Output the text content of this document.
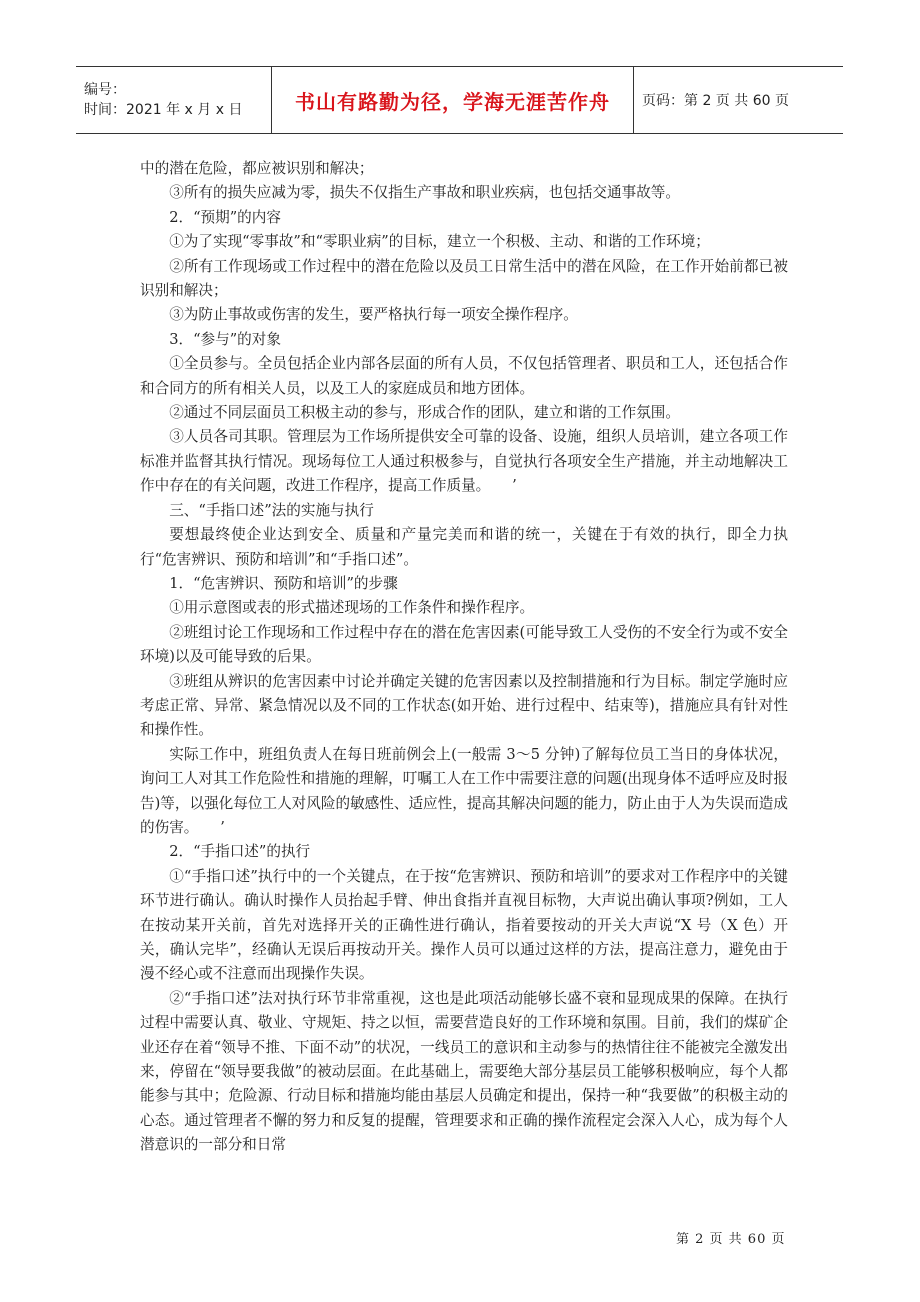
编号：
时间：2021 年 x 月 x 日	书山有路勤为径，学海无涯苦作舟 页码：第 2 页 共 60 页

中的潜在危险，都应被识别和解决；

③所有的损失应减为零，损失不仅指生产事故和职业疾病，也包括交通事故等。

2．“预期”的内容

①为了实现“零事故”和“零职业病”的目标，建立一个积极、主动、和谐的工作环境；

②所有工作现场或工作过程中的潜在危险以及员工日常生活中的潜在风险，在工作开始前都已被识别和解决；

③为防止事故或伤害的发生，要严格执行每一项安全操作程序。

3．“参与”的对象

①全员参与。全员包括企业内部各层面的所有人员，不仅包括管理者、职员和工人，还包括合作和合同方的所有相关人员，以及工人的家庭成员和地方团体。

②通过不同层面员工积极主动的参与，形成合作的团队，建立和谐的工作氛围。

③人员各司其职。管理层为工作场所提供安全可靠的设备、设施，组织人员培训，建立各项工作标准并监督其执行情况。现场每位工人通过积极参与，自觉执行各项安全生产措施，并主动地解决工作中存在的有关问题，改进工作程序，提高工作质量。　　’

三、“手指口述”法的实施与执行

要想最终使企业达到安全、质量和产量完美而和谐的统一，关键在于有效的执行，即全力执行“危害辨识、预防和培训”和“手指口述”。

1．“危害辨识、预防和培训”的步骤

①用示意图或表的形式描述现场的工作条件和操作程序。

②班组讨论工作现场和工作过程中存在的潜在危害因素(可能导致工人受伤的不安全行为或不安全环境)以及可能导致的后果。

③班组从辨识的危害因素中讨论并确定关键的危害因素以及控制措施和行为目标。制定学施时应考虑正常、异常、紧急情况以及不同的工作状态(如开始、进行过程中、结束等)，措施应具有针对性和操作性。

实际工作中，班组负责人在每日班前例会上(一般需 3～5 分钟)了解每位员工当日的身体状况，询问工人对其工作危险性和措施的理解，叮嘱工人在工作中需要注意的问题(出现身体不适呼应及时报告)等，以强化每位工人对风险的敏感性、适应性，提高其解决问题的能力，防止由于人为失误而造成的伤害。　　’

2．“手指口述”的执行

①“手指口述”执行中的一个关键点，在于按“危害辨识、预防和培训”的要求对工作程序中的关键环节进行确认。确认时操作人员抬起手臂、伸出食指并直视目标物，大声说出确认事项?例如，工人在按动某开关前，首先对选择开关的正确性进行确认，指着要按动的开关大声说“X 号（X 色）开关，确认完毕”，经确认无误后再按动开关。操作人员可以通过这样的方法，提高注意力，避免由于漫不经心或不注意而出现操作失误。

②“手指口述”法对执行环节非常重视，这也是此项活动能够长盛不衰和显现成果的保障。在执行过程中需要认真、敬业、守规矩、持之以恒，需要营造良好的工作环境和氛围。目前，我们的煤矿企业还存在着“领导不推、下面不动”的状况，一线员工的意识和主动参与的热情往往不能被完全激发出来，停留在“领导要我做”的被动层面。在此基础上，需要绝大部分基层员工能够积极响应，每个人都能参与其中；危险源、行动目标和措施均能由基层人员确定和提出，保持一种“我要做”的积极主动的心态。通过管理者不懈的努力和反复的提醒，管理要求和正确的操作流程定会深入人心，成为每个人潜意识的一部分和日常

第 2 页 共 60 页
